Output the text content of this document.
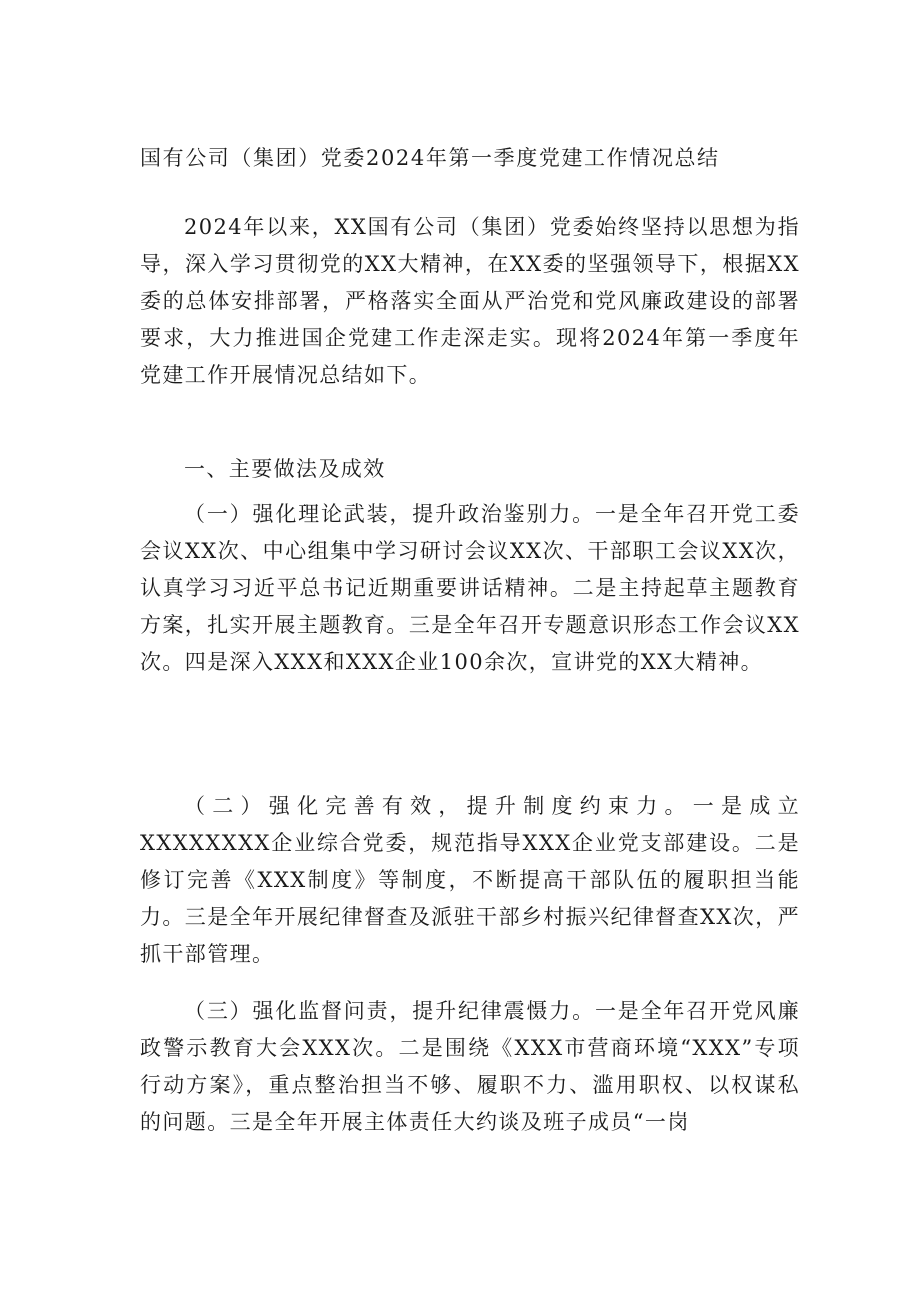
国有公司（集团）党委2024年第一季度党建工作情况总结

2024年以来，XX国有公司（集团）党委始终坚持以思想为指导，深入学习贯彻党的XX大精神，在XX委的坚强领导下，根据XX委的总体安排部署，严格落实全面从严治党和党风廉政建设的部署要求，大力推进国企党建工作走深走实。现将2024年第一季度年党建工作开展情况总结如下。

一、主要做法及成效

（一）强化理论武装，提升政治鉴别力。一是全年召开党工委会议XX次、中心组集中学习研讨会议XX次、干部职工会议XX次，认真学习习近平总书记近期重要讲话精神。二是主持起草主题教育方案，扎实开展主题教育。三是全年召开专题意识形态工作会议XX次。四是深入XXX和XXX企业100余次，宣讲党的XX大精神。

（二）强化完善有效，提升制度约束力。一是成立XXXXXXXX企业综合党委，规范指导XXX企业党支部建设。二是修订完善《XXX制度》等制度，不断提高干部队伍的履职担当能力。三是全年开展纪律督查及派驻干部乡村振兴纪律督查XX次，严抓干部管理。

（三）强化监督问责，提升纪律震慑力。一是全年召开党风廉政警示教育大会XXX次。二是围绕《XXX市营商环境“XXX”专项行动方案》，重点整治担当不够、履职不力、滥用职权、以权谋私的问题。三是全年开展主体责任大约谈及班子成员“一岗
